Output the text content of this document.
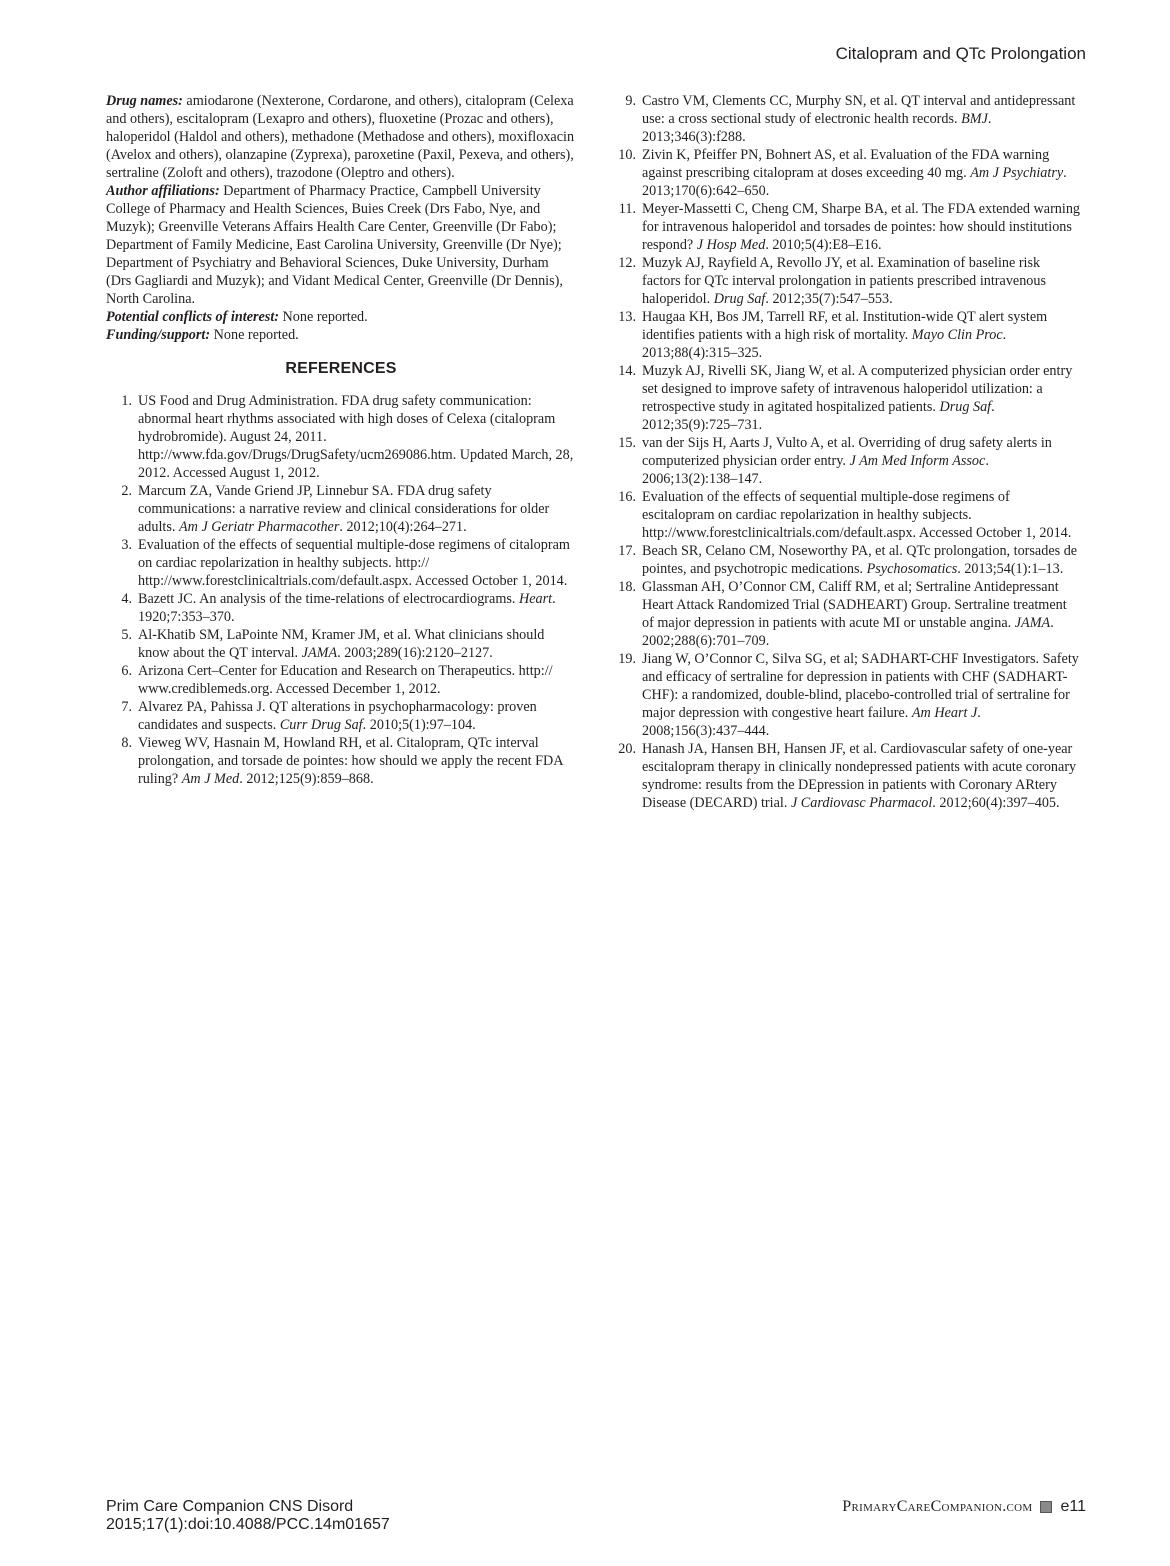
Citalopram and QTc Prolongation

Drug names: amiodarone (Nexterone, Cordarone, and others), citalopram (Celexa and others), escitalopram (Lexapro and others), fluoxetine (Prozac and others), haloperidol (Haldol and others), methadone (Methadose and others), moxifloxacin (Avelox and others), olanzapine (Zyprexa), paroxetine (Paxil, Pexeva, and others), sertraline (Zoloft and others), trazodone (Oleptro and others).

Author affiliations: Department of Pharmacy Practice, Campbell University College of Pharmacy and Health Sciences, Buies Creek (Drs Fabo, Nye, and Muzyk); Greenville Veterans Affairs Health Care Center, Greenville (Dr Fabo); Department of Family Medicine, East Carolina University, Greenville (Dr Nye); Department of Psychiatry and Behavioral Sciences, Duke University, Durham (Drs Gagliardi and Muzyk); and Vidant Medical Center, Greenville (Dr Dennis), North Carolina.

Potential conflicts of interest: None reported.

Funding/support: None reported.

REFERENCES
1. US Food and Drug Administration. FDA drug safety communication: abnormal heart rhythms associated with high doses of Celexa (citalopram hydrobromide). August 24, 2011. http://www.fda.gov/Drugs/DrugSafety/ucm269086.htm. Updated March, 28, 2012. Accessed August 1, 2012.
2. Marcum ZA, Vande Griend JP, Linnebur SA. FDA drug safety communications: a narrative review and clinical considerations for older adults. Am J Geriatr Pharmacother. 2012;10(4):264–271.
3. Evaluation of the effects of sequential multiple-dose regimens of citalopram on cardiac repolarization in healthy subjects. http:// http://www.forestclinicaltrials.com/default.aspx. Accessed October 1, 2014.
4. Bazett JC. An analysis of the time-relations of electrocardiograms. Heart. 1920;7:353–370.
5. Al-Khatib SM, LaPointe NM, Kramer JM, et al. What clinicians should know about the QT interval. JAMA. 2003;289(16):2120–2127.
6. Arizona Cert–Center for Education and Research on Therapeutics. http:// www.crediblemeds.org. Accessed December 1, 2012.
7. Alvarez PA, Pahissa J. QT alterations in psychopharmacology: proven candidates and suspects. Curr Drug Saf. 2010;5(1):97–104.
8. Vieweg WV, Hasnain M, Howland RH, et al. Citalopram, QTc interval prolongation, and torsade de pointes: how should we apply the recent FDA ruling? Am J Med. 2012;125(9):859–868.
9. Castro VM, Clements CC, Murphy SN, et al. QT interval and antidepressant use: a cross sectional study of electronic health records. BMJ. 2013;346(3):f288.
10. Zivin K, Pfeiffer PN, Bohnert AS, et al. Evaluation of the FDA warning against prescribing citalopram at doses exceeding 40 mg. Am J Psychiatry. 2013;170(6):642–650.
11. Meyer-Massetti C, Cheng CM, Sharpe BA, et al. The FDA extended warning for intravenous haloperidol and torsades de pointes: how should institutions respond? J Hosp Med. 2010;5(4):E8–E16.
12. Muzyk AJ, Rayfield A, Revollo JY, et al. Examination of baseline risk factors for QTc interval prolongation in patients prescribed intravenous haloperidol. Drug Saf. 2012;35(7):547–553.
13. Haugaa KH, Bos JM, Tarrell RF, et al. Institution-wide QT alert system identifies patients with a high risk of mortality. Mayo Clin Proc. 2013;88(4):315–325.
14. Muzyk AJ, Rivelli SK, Jiang W, et al. A computerized physician order entry set designed to improve safety of intravenous haloperidol utilization: a retrospective study in agitated hospitalized patients. Drug Saf. 2012;35(9):725–731.
15. van der Sijs H, Aarts J, Vulto A, et al. Overriding of drug safety alerts in computerized physician order entry. J Am Med Inform Assoc. 2006;13(2):138–147.
16. Evaluation of the effects of sequential multiple-dose regimens of escitalopram on cardiac repolarization in healthy subjects. http://www.forestclinicaltrials.com/default.aspx. Accessed October 1, 2014.
17. Beach SR, Celano CM, Noseworthy PA, et al. QTc prolongation, torsades de pointes, and psychotropic medications. Psychosomatics. 2013;54(1):1–13.
18. Glassman AH, O’Connor CM, Califf RM, et al; Sertraline Antidepressant Heart Attack Randomized Trial (SADHEART) Group. Sertraline treatment of major depression in patients with acute MI or unstable angina. JAMA. 2002;288(6):701–709.
19. Jiang W, O’Connor C, Silva SG, et al; SADHART-CHF Investigators. Safety and efficacy of sertraline for depression in patients with CHF (SADHART-CHF): a randomized, double-blind, placebo-controlled trial of sertraline for major depression with congestive heart failure. Am Heart J. 2008;156(3):437–444.
20. Hanash JA, Hansen BH, Hansen JF, et al. Cardiovascular safety of one-year escitalopram therapy in clinically nondepressed patients with acute coronary syndrome: results from the DEpression in patients with Coronary ARtery Disease (DECARD) trial. J Cardiovasc Pharmacol. 2012;60(4):397–405.
Prim Care Companion CNS Disord
2015;17(1):doi:10.4088/PCC.14m01657
PrimaryCareCompanion.com e11
